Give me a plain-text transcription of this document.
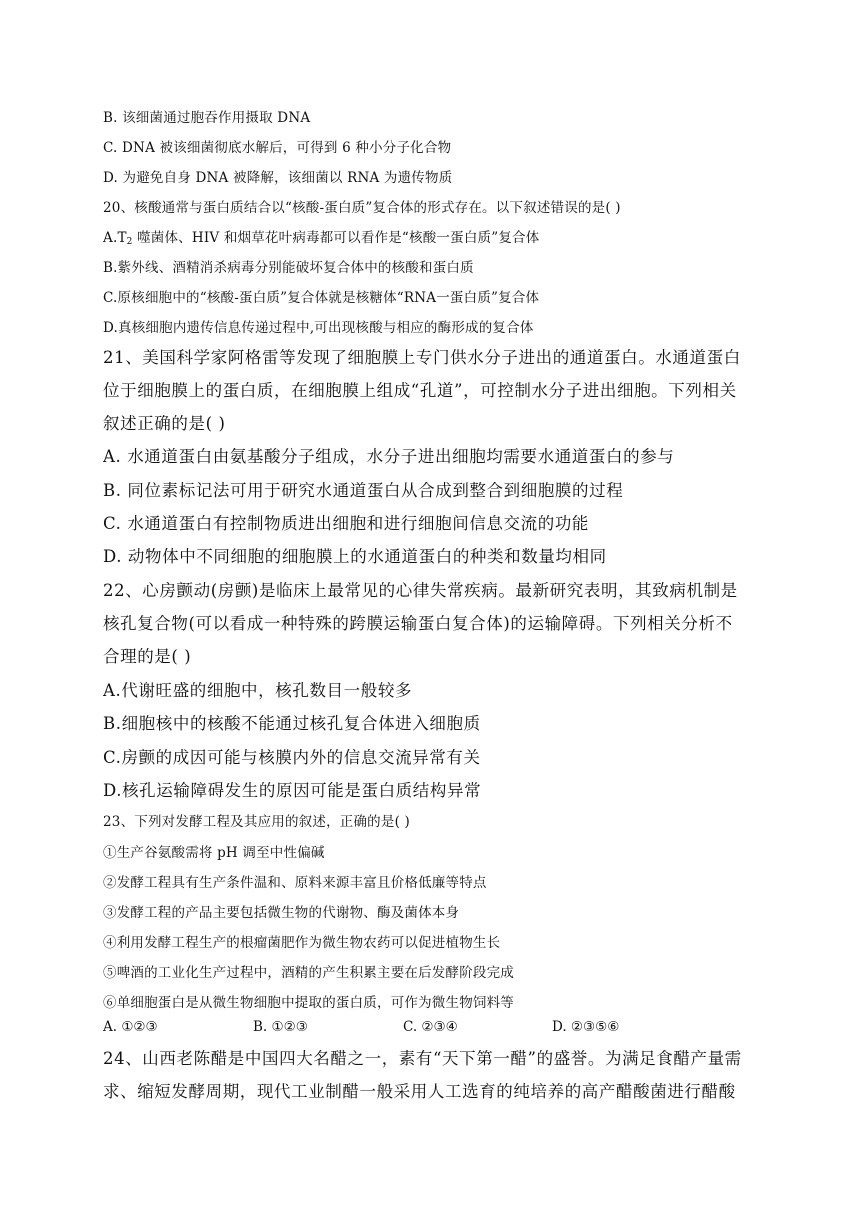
B. 该细菌通过胞吞作用摄取 DNA
C. DNA 被该细菌彻底水解后，可得到 6 种小分子化合物
D. 为避免自身 DNA 被降解，该细菌以 RNA 为遗传物质
20、核酸通常与蛋白质结合以“核酸-蛋白质”复合体的形式存在。以下叙述错误的是( )
$A.T_2$ 噬菌体、HIV 和烟草花叶病毒都可以看作是“核酸一蛋白质”复合体
B.紫外线、酒精消杀病毒分别能破坏复合体中的核酸和蛋白质
C.原核细胞中的“核酸-蛋白质”复合体就是核糖体“RNA一蛋白质”复合体
D.真核细胞内遗传信息传递过程中,可出现核酸与相应的酶形成的复合体
21、美国科学家阿格雷等发现了细胞膜上专门供水分子进出的通道蛋白。水通道蛋白
位于细胞膜上的蛋白质，在细胞膜上组成“孔道”，可控制水分子进出细胞。下列相关
叙述正确的是( )
A. 水通道蛋白由氨基酸分子组成，水分子进出细胞均需要水通道蛋白的参与
B. 同位素标记法可用于研究水通道蛋白从合成到整合到细胞膜的过程
C. 水通道蛋白有控制物质进出细胞和进行细胞间信息交流的功能
D. 动物体中不同细胞的细胞膜上的水通道蛋白的种类和数量均相同
22、心房颤动(房颤)是临床上最常见的心律失常疾病。最新研究表明，其致病机制是
核孔复合物(可以看成一种特殊的跨膜运输蛋白复合体)的运输障碍。下列相关分析不
合理的是( )
A.代谢旺盛的细胞中，核孔数目一般较多
B.细胞核中的核酸不能通过核孔复合体进入细胞质
C.房颤的成因可能与核膜内外的信息交流异常有关
D.核孔运输障碍发生的原因可能是蛋白质结构异常
23、下列对发酵工程及其应用的叙述，正确的是( )
①生产谷氨酸需将 pH 调至中性偏碱
②发酵工程具有生产条件温和、原料来源丰富且价格低廉等特点
③发酵工程的产品主要包括微生物的代谢物、酶及菌体本身
④利用发酵工程生产的根瘤菌肥作为微生物农药可以促进植物生长
⑤啤酒的工业化生产过程中，酒精的产生积累主要在后发酵阶段完成
⑥单细胞蛋白是从微生物细胞中提取的蛋白质，可作为微生物饲料等
A. ①②③	B. ①②③	C. ②③④	D. ②③⑤⑥
24、山西老陈醋是中国四大名醋之一，素有“天下第一醋”的盛誉。为满足食醋产量需
求、缩短发酵周期，现代工业制醋一般采用人工选育的纯培养的高产醋酸菌进行醋酸
